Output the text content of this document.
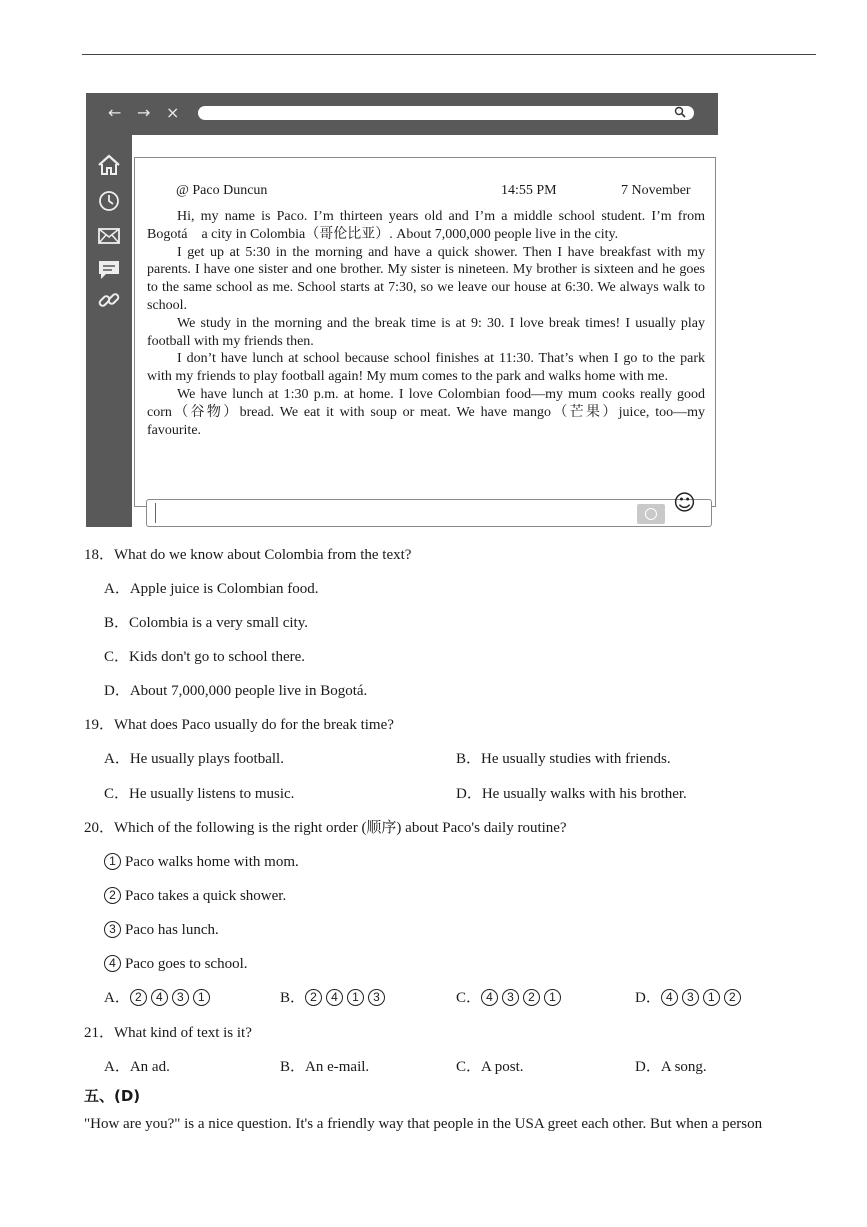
← → ×
@ Paco Duncun	14:55 PM	7 November

Hi, my name is Paco. I’m thirteen years old and I’m a middle school student. I’m from Bogotá　a city in Colombia（哥伦比亚）. About 7,000,000 people live in the city.

I get up at 5:30 in the morning and have a quick shower. Then I have breakfast with my parents. I have one sister and one brother. My sister is nineteen. My brother is sixteen and he goes to the same school as me. School starts at 7:30, so we leave our house at 6:30. We always walk to school.

We study in the morning and the break time is at 9: 30. I love break times! I usually play football with my friends then.

I don’t have lunch at school because school finishes at 11:30. That’s when I go to the park with my friends to play football again! My mum comes to the park and walks home with me.

We have lunch at 1:30 p.m. at home. I love Colombian food—my mum cooks really good corn（谷物）bread. We eat it with soup or meat. We have mango（芒果）juice, too—my favourite.

☺
18．What do we know about Colombia from the text?
A．Apple juice is Colombian food.
B．Colombia is a very small city.
C．Kids don't go to school there.
D．About 7,000,000 people live in Bogotá.
19．What does Paco usually do for the break time?
A．He usually plays football.	B．He usually studies with friends.
C．He usually listens to music.	D．He usually walks with his brother.
20．Which of the following is the right order (顺序) about Paco's daily routine?
1 Paco walks home with mom.
2 Paco takes a quick shower.
3 Paco has lunch.
4 Paco goes to school.
A． 2 4 3 1	B． 2 4 1 3	C． 4 3 2 1	D． 4 3 1 2
21．What kind of text is it?
A．An ad.	B．An e-mail.	C．A post.	D．A song.
五、(D)
"How are you?" is a nice question. It's a friendly way that people in the USA greet each other. But when a person
